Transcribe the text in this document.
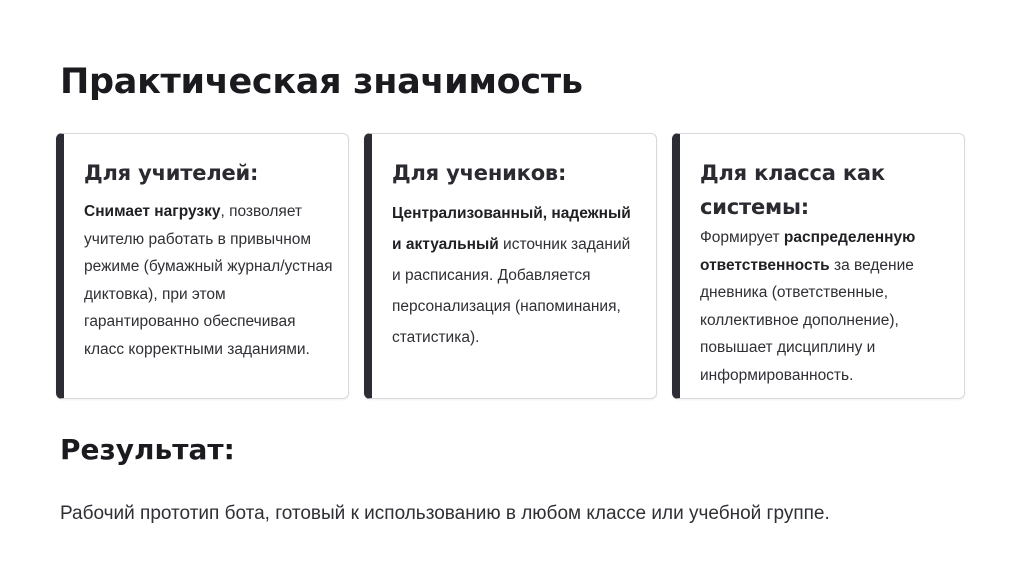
Практическая значимость
Для учителей:

Снимает нагрузку, позволяет учителю работать в привычном режиме (бумажный журнал/устная диктовка), при этом гарантированно обеспечивая класс корректными заданиями.

Для учеников:

Централизованный, надежный и актуальный источник заданий и расписания. Добавляется персонализация (напоминания, статистика).

Для класса как системы:

Формирует распределенную ответственность за ведение дневника (ответственные, коллективное дополнение), повышает дисциплину и информированность.

Результат:

Рабочий прототип бота, готовый к использованию в любом классе или учебной группе.
